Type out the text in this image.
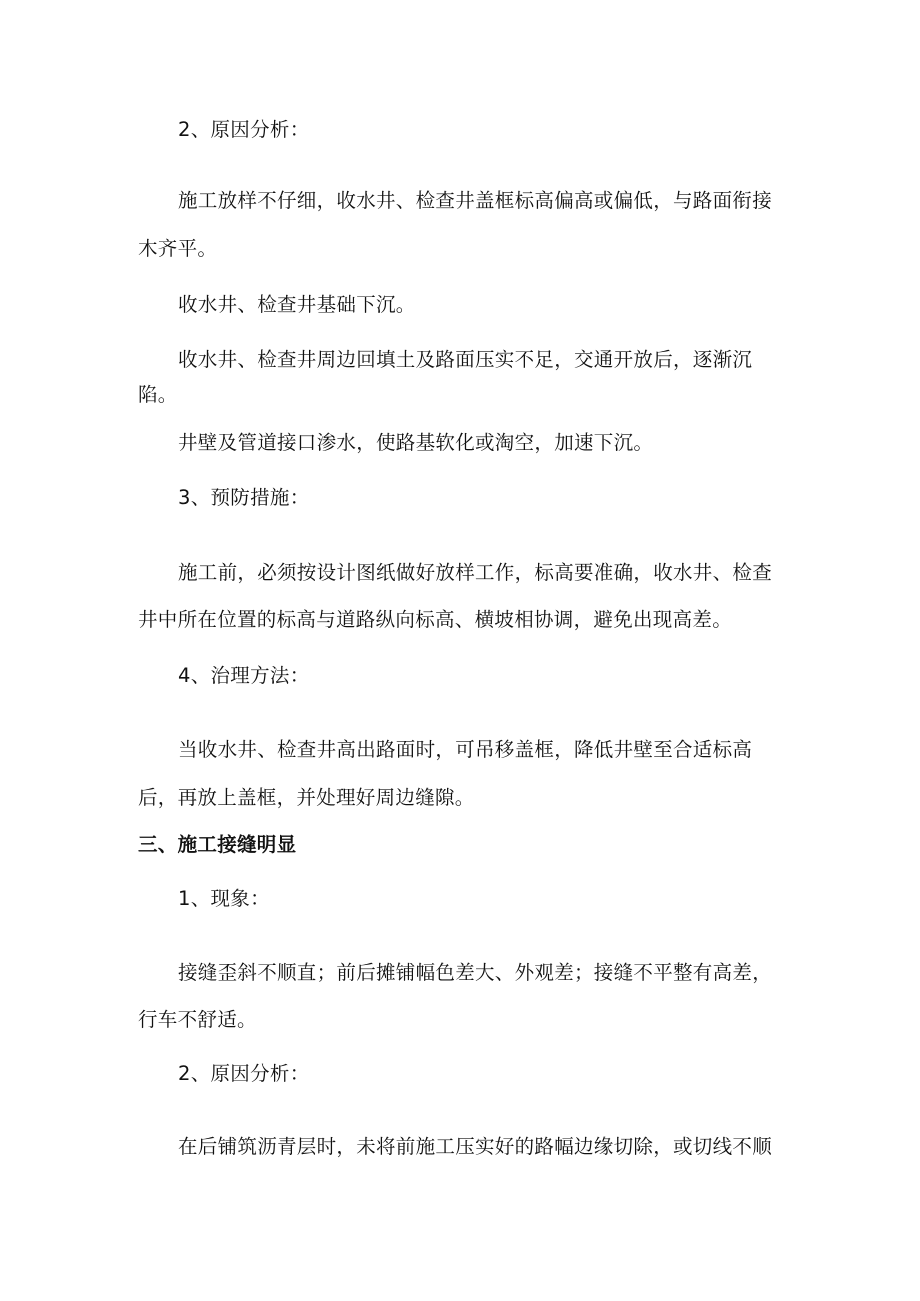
2、原因分析：
施工放样不仔细，收水井、检查井盖框标高偏高或偏低，与路面衔接
木齐平。
收水井、检查井基础下沉。
收水井、检查井周边回填土及路面压实不足，交通开放后，逐渐沉
陷。
井壁及管道接口渗水，使路基软化或淘空，加速下沉。
3、预防措施：
施工前，必须按设计图纸做好放样工作，标高要准确，收水井、检查
井中所在位置的标高与道路纵向标高、横坡相协调，避免出现高差。
4、治理方法：
当收水井、检查井高出路面时，可吊移盖框，降低井壁至合适标高
后，再放上盖框，并处理好周边缝隙。
三、施工接缝明显
1、现象：
接缝歪斜不顺直；前后摊铺幅色差大、外观差；接缝不平整有高差，
行车不舒适。
2、原因分析：
在后铺筑沥青层时，未将前施工压实好的路幅边缘切除，或切线不顺
